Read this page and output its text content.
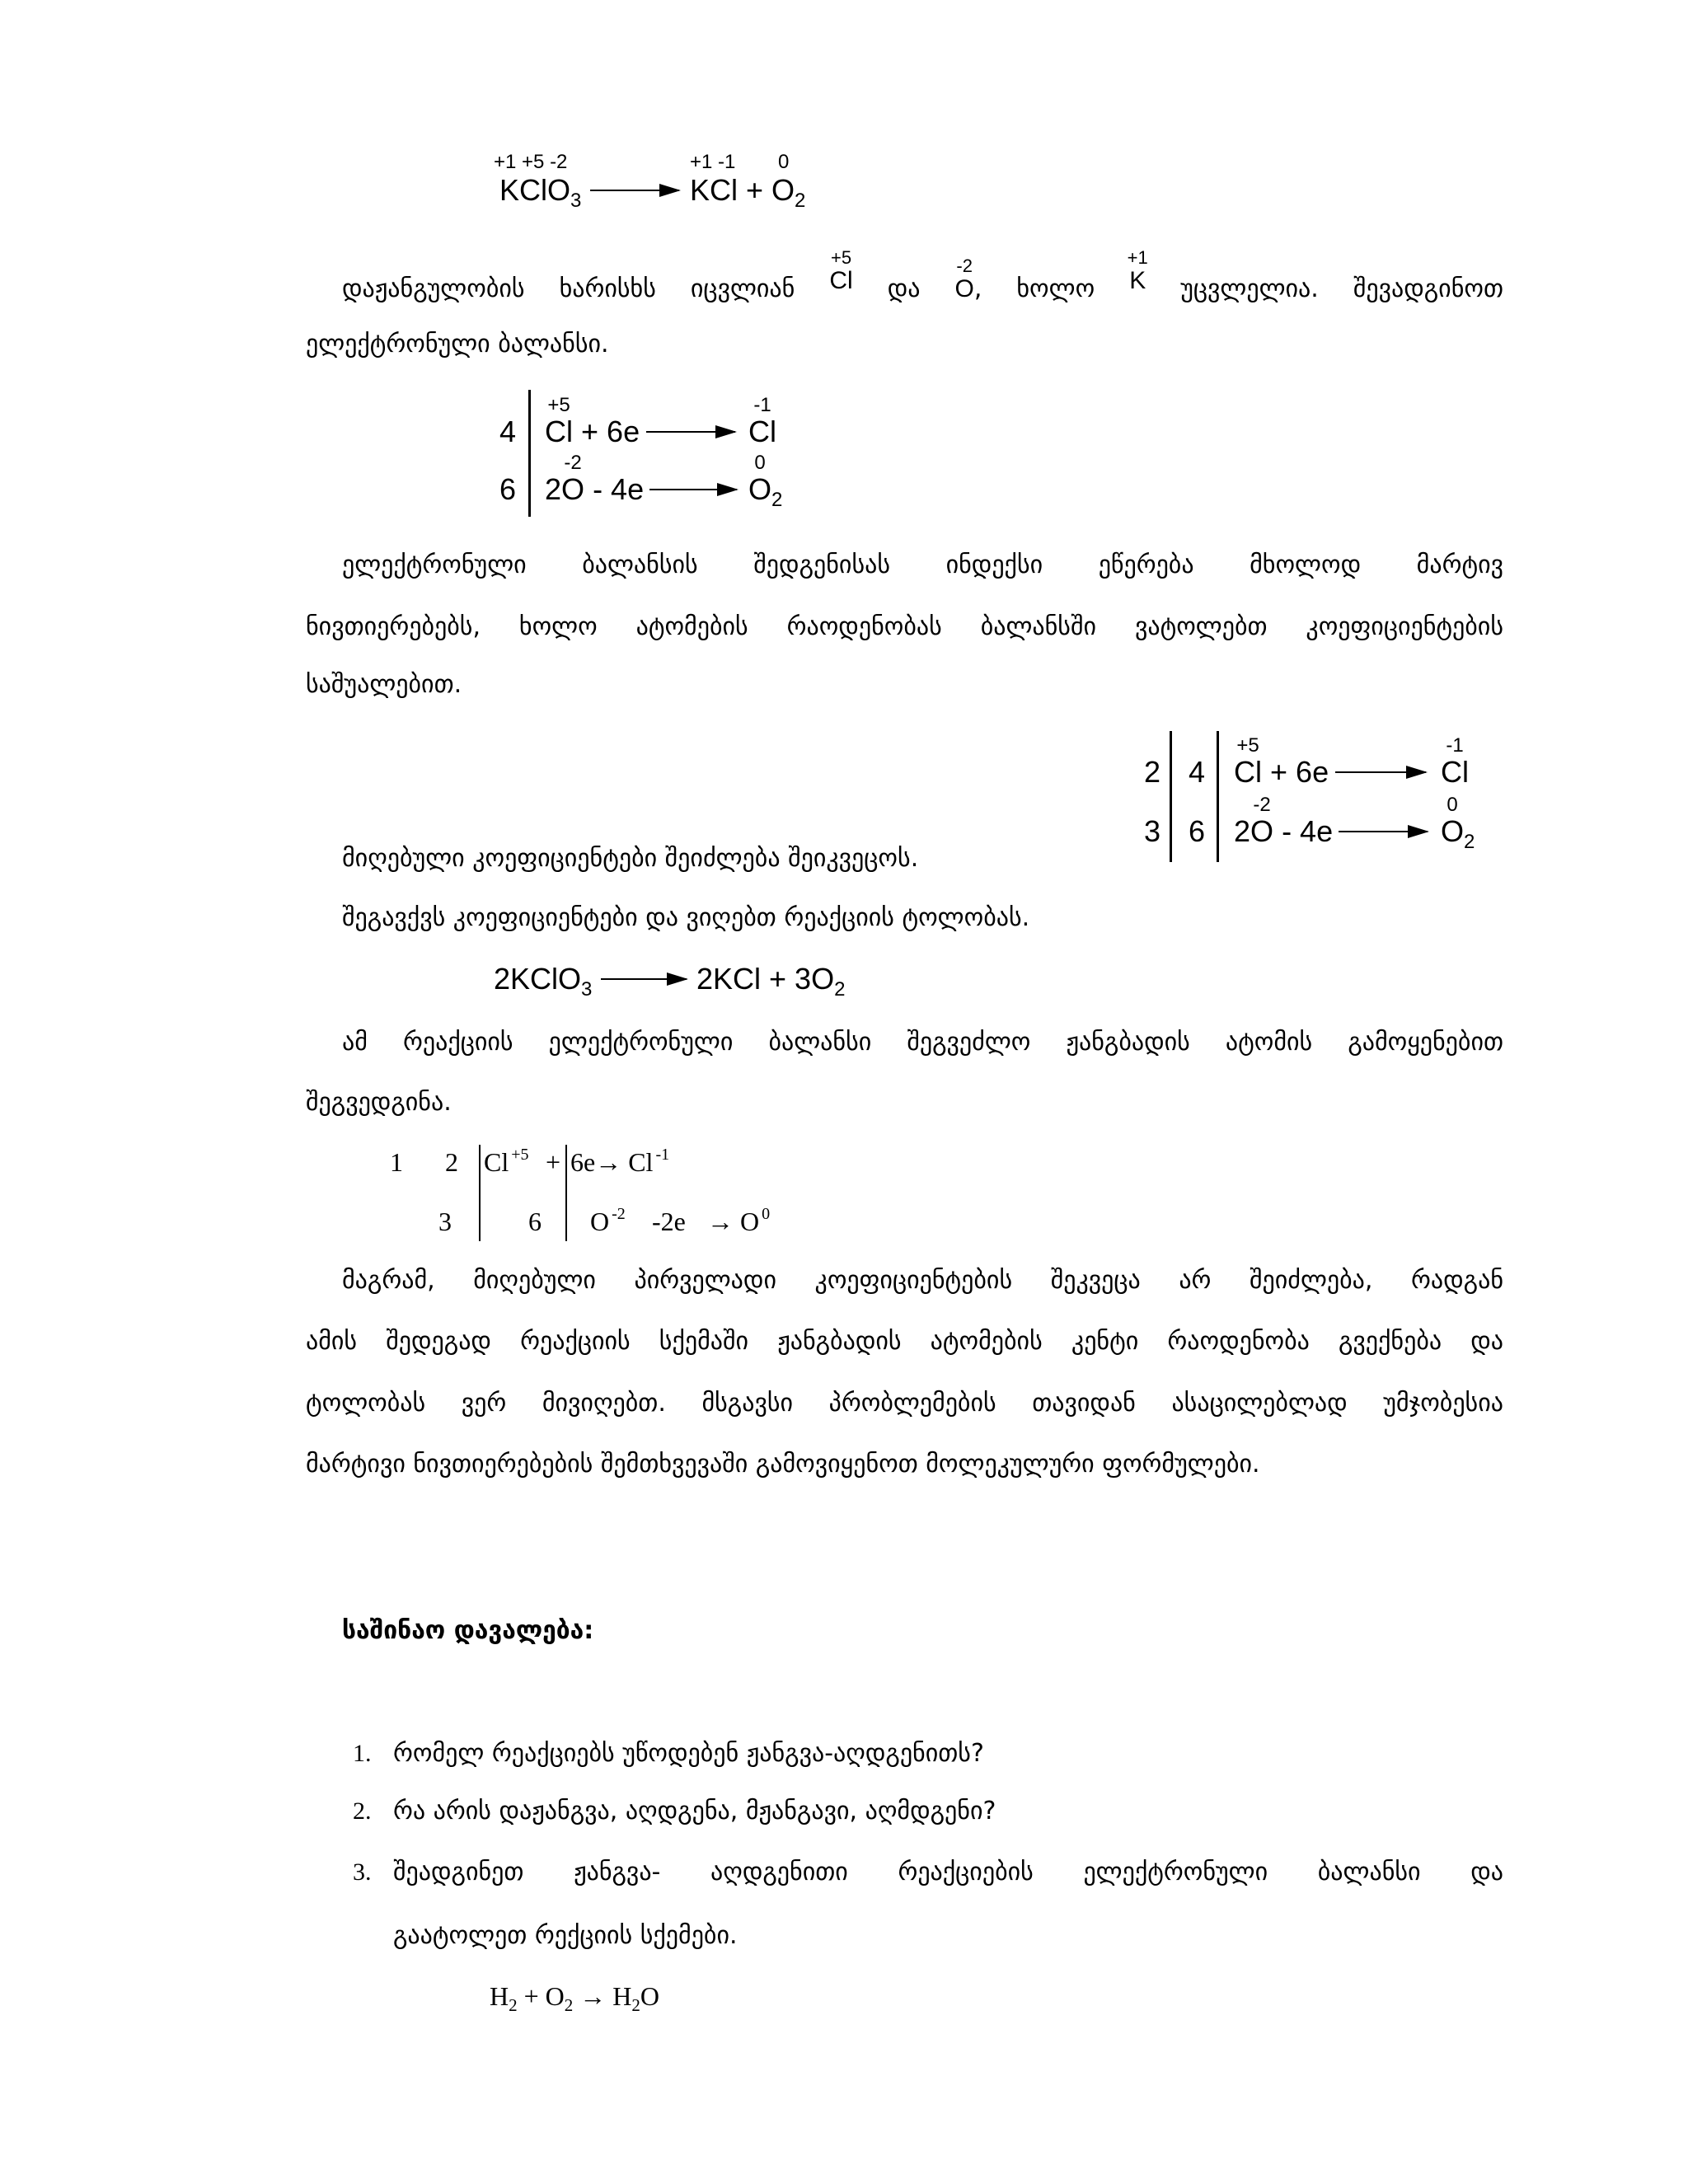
+1 +5 -2	+1 -1 0
KClO$_3$	KCl + $O_2$
დაჟანგულობის ხარისხს იცვლიან
+5
Cl და
-2
O, ხოლო
+1
K უცვლელია. შევადგინოთ
ელექტრონული ბალანსი.
4
6
+5
Cl + 6e
-1
Cl
2
-2
O - 4e
0
$O_2$
ელექტრონული ბალანსის შედგენისას ინდექსი ეწერება მხოლოდ მარტივ
ნივთიერებებს, ხოლო ატომების რაოდენობას ბალანსში ვატოლებთ კოეფიციენტების
საშუალებით.
2
3
4
6
+5
Cl + 6e
-1
Cl
2
-2
O - 4e
0
$O_2$
მიღებული კოეფიციენტები შეიძლება შეიკვეცოს.
შეგავქვს კოეფიციენტები და ვიღებთ რეაქციის ტოლობას.
2KClO$_3$	$2KCl + 3O_2$
ამ რეაქციის ელექტრონული ბალანსი შეგვეძლო ჟანგბადის ატომის გამოყენებით
შეგვედგინა.
1 2
3
Cl $^{+5}$ +
6
6e→ Cl $^{-1}$
O $^{-2}$ -2e → O $^0$
მაგრამ, მიღებული პირველადი კოეფიციენტების შეკვეცა არ შეიძლება, რადგან
ამის შედეგად რეაქციის სქემაში ჟანგბადის ატომების კენტი რაოდენობა გვექნება და
ტოლობას ვერ მივიღებთ. მსგავსი პრობლემების თავიდან ასაცილებლად უმჯობესია
მარტივი ნივთიერებების შემთხვევაში გამოვიყენოთ მოლეკულური ფორმულები.
საშინაო დავალება:
1. რომელ რეაქციებს უწოდებენ ჟანგვა-აღდგენითს?
2. რა არის დაჟანგვა, აღდგენა, მჟანგავი, აღმდგენი?
3. შეადგინეთ ჟანგვა- აღდგენითი რეაქციების ელექტრონული ბალანსი და
გაატოლეთ რექციის სქემები.
$H_2 + O_2 \to H_2O$
